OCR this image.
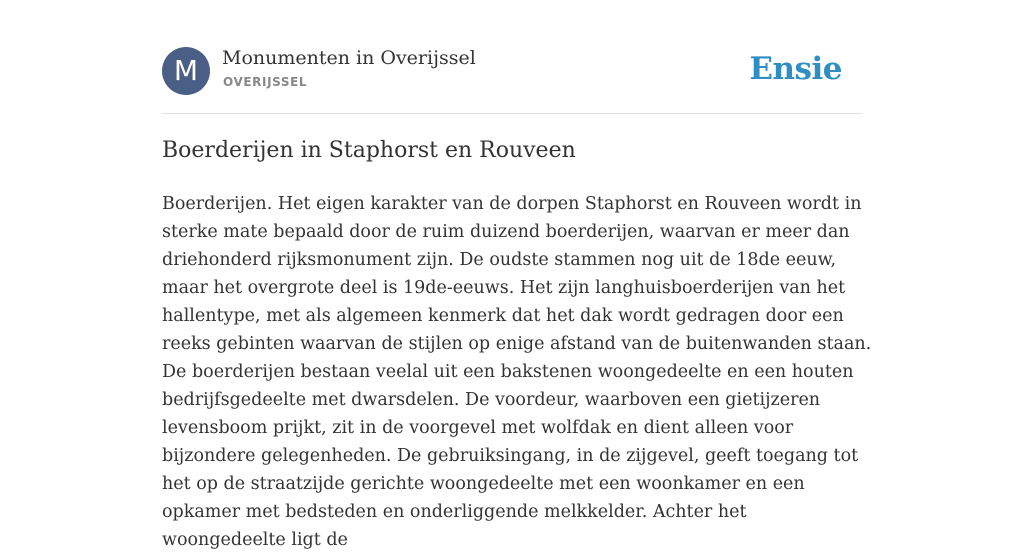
M	Monumenten in Overijssel
OVERIJSSEL	Ensie
Boerderijen in Staphorst en Rouveen

Boerderijen. Het eigen karakter van de dorpen Staphorst en Rouveen wordt in sterke mate bepaald door de ruim duizend boerderijen, waarvan er meer dan driehonderd rijksmonument zijn. De oudste stammen nog uit de 18de eeuw, maar het overgrote deel is 19de-eeuws. Het zijn langhuisboerderijen van het hallentype, met als algemeen kenmerk dat het dak wordt gedragen door een reeks gebinten waarvan de stijlen op enige afstand van de buitenwanden staan. De boerderijen bestaan veelal uit een bakstenen woongedeelte en een houten bedrijfsgedeelte met dwarsdelen. De voordeur, waarboven een gietijzeren levensboom prijkt, zit in de voorgevel met wolfdak en dient alleen voor bijzondere gelegenheden. De gebruiksingang, in de zijgevel, geeft toegang tot het op de straatzijde gerichte woongedeelte met een woonkamer en een opkamer met bedsteden en onderliggende melkkelder. Achter het woongedeelte ligt de
